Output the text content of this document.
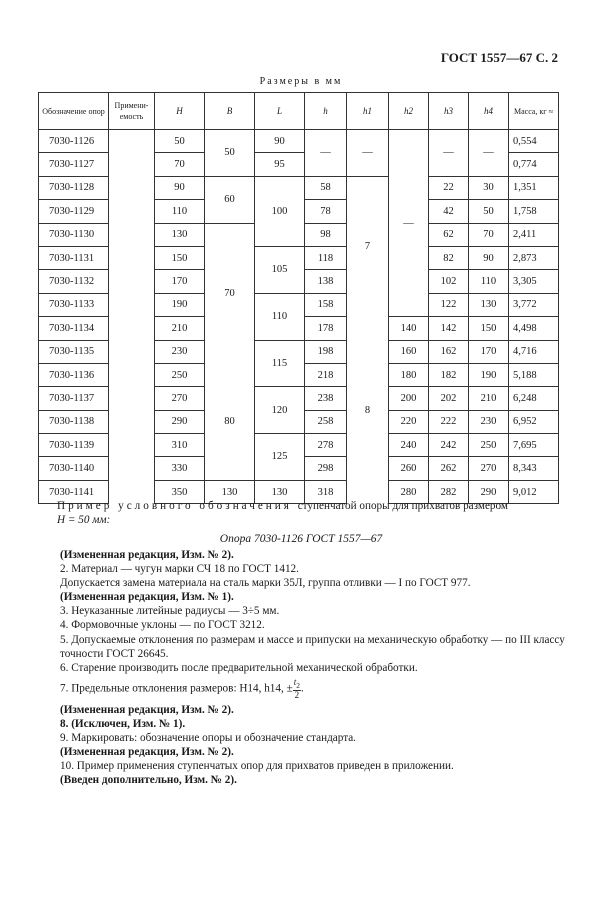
ГОСТ 1557—67 С. 2
Размеры в мм
Обозначение опор	Примени-емость	H	B	L	h	h1	h2	h3	h4	Масса, кг ≈
7030-1126		50	50	90	—	—	—	—	—	0,554
7030-1127		70		95						0,774
7030-1128		90	60	100	58	7		22	30	1,351
7030-1129		110			78			42	50	1,758
7030-1130		130	70		98			62	70	2,411
7030-1131		150		105	118			82	90	2,873
7030-1132		170			138			102	110	3,305
7030-1133		190		110	158			122	130	3,772
7030-1134		210			178	8	140	142	150	4,498
7030-1135		230		115	198		160	162	170	4,716
7030-1136		250	80		218		180	182	190	5,188
7030-1137		270		120	238		200	202	210	6,248
7030-1138		290			258		220	222	230	6,952
7030-1139		310		125	278		240	242	250	7,695
7030-1140		330			298		260	262	270	8,343
7030-1141		350	130	130	318		280	282	290	9,012
Пример условного обозначения ступенчатой опоры для прихватов размером
H = 50 мм:
Опора 7030-1126 ГОСТ 1557—67

(Измененная редакция, Изм. № 2).

2. Материал — чугун марки СЧ 18 по ГОСТ 1412.

Допускается замена материала на сталь марки 35Л, группа отливки — I по ГОСТ 977.

(Измененная редакция, Изм. № 1).

3. Неуказанные литейные радиусы — 3÷5 мм.

4. Формовочные уклоны — по ГОСТ 3212.

5. Допускаемые отклонения по размерам и массе и припуски на механическую обработку — по III классу точности ГОСТ 26645.

6. Старение производить после предварительной механической обработки.

7. Предельные отклонения размеров: H14, h14, ± $\frac{t_2}{2}$ .

(Измененная редакция, Изм. № 2).

8. (Исключен, Изм. № 1).

9. Маркировать: обозначение опоры и обозначение стандарта.

(Измененная редакция, Изм. № 2).

10. Пример применения ступенчатых опор для прихватов приведен в приложении.

(Введен дополнительно, Изм. № 2).
